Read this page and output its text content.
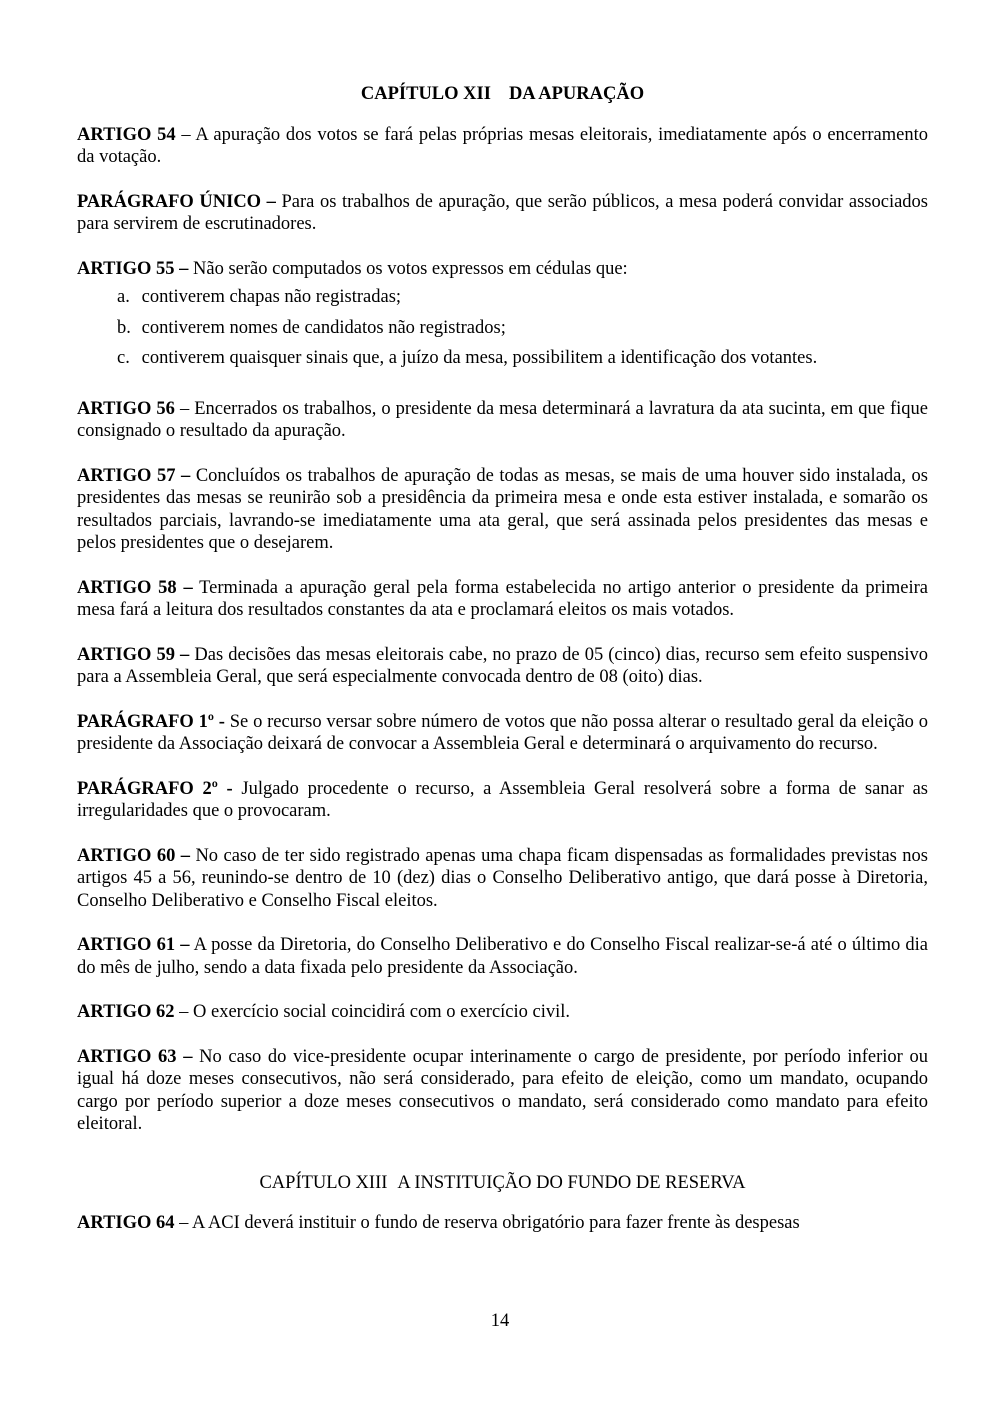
CAPÍTULO XII DA APURAÇÃO

ARTIGO 54 – A apuração dos votos se fará pelas próprias mesas eleitorais, imediatamente após o encerramento da votação.

PARÁGRAFO ÚNICO – Para os trabalhos de apuração, que serão públicos, a mesa poderá convidar associados para servirem de escrutinadores.

ARTIGO 55 – Não serão computados os votos expressos em cédulas que:

a. contiverem chapas não registradas;
b. contiverem nomes de candidatos não registrados;
c. contiverem quaisquer sinais que, a juízo da mesa, possibilitem a identificação dos votantes.

ARTIGO 56 – Encerrados os trabalhos, o presidente da mesa determinará a lavratura da ata sucinta, em que fique consignado o resultado da apuração.

ARTIGO 57 – Concluídos os trabalhos de apuração de todas as mesas, se mais de uma houver sido instalada, os presidentes das mesas se reunirão sob a presidência da primeira mesa e onde esta estiver instalada, e somarão os resultados parciais, lavrando-se imediatamente uma ata geral, que será assinada pelos presidentes das mesas e pelos presidentes que o desejarem.

ARTIGO 58 – Terminada a apuração geral pela forma estabelecida no artigo anterior o presidente da primeira mesa fará a leitura dos resultados constantes da ata e proclamará eleitos os mais votados.

ARTIGO 59 – Das decisões das mesas eleitorais cabe, no prazo de 05 (cinco) dias, recurso sem efeito suspensivo para a Assembleia Geral, que será especialmente convocada dentro de 08 (oito) dias.

PARÁGRAFO 1º - Se o recurso versar sobre número de votos que não possa alterar o resultado geral da eleição o presidente da Associação deixará de convocar a Assembleia Geral e determinará o arquivamento do recurso.

PARÁGRAFO 2º - Julgado procedente o recurso, a Assembleia Geral resolverá sobre a forma de sanar as irregularidades que o provocaram.

ARTIGO 60 – No caso de ter sido registrado apenas uma chapa ficam dispensadas as formalidades previstas nos artigos 45 a 56, reunindo-se dentro de 10 (dez) dias o Conselho Deliberativo antigo, que dará posse à Diretoria, Conselho Deliberativo e Conselho Fiscal eleitos.

ARTIGO 61 – A posse da Diretoria, do Conselho Deliberativo e do Conselho Fiscal realizar-se-á até o último dia do mês de julho, sendo a data fixada pelo presidente da Associação.

ARTIGO 62 – O exercício social coincidirá com o exercício civil.

ARTIGO 63 – No caso do vice-presidente ocupar interinamente o cargo de presidente, por período inferior ou igual há doze meses consecutivos, não será considerado, para efeito de eleição, como um mandato, ocupando cargo por período superior a doze meses consecutivos o mandato, será considerado como mandato para efeito eleitoral.

CAPÍTULO XIII A INSTITUIÇÃO DO FUNDO DE RESERVA

ARTIGO 64 – A ACI deverá instituir o fundo de reserva obrigatório para fazer frente às despesas

14
